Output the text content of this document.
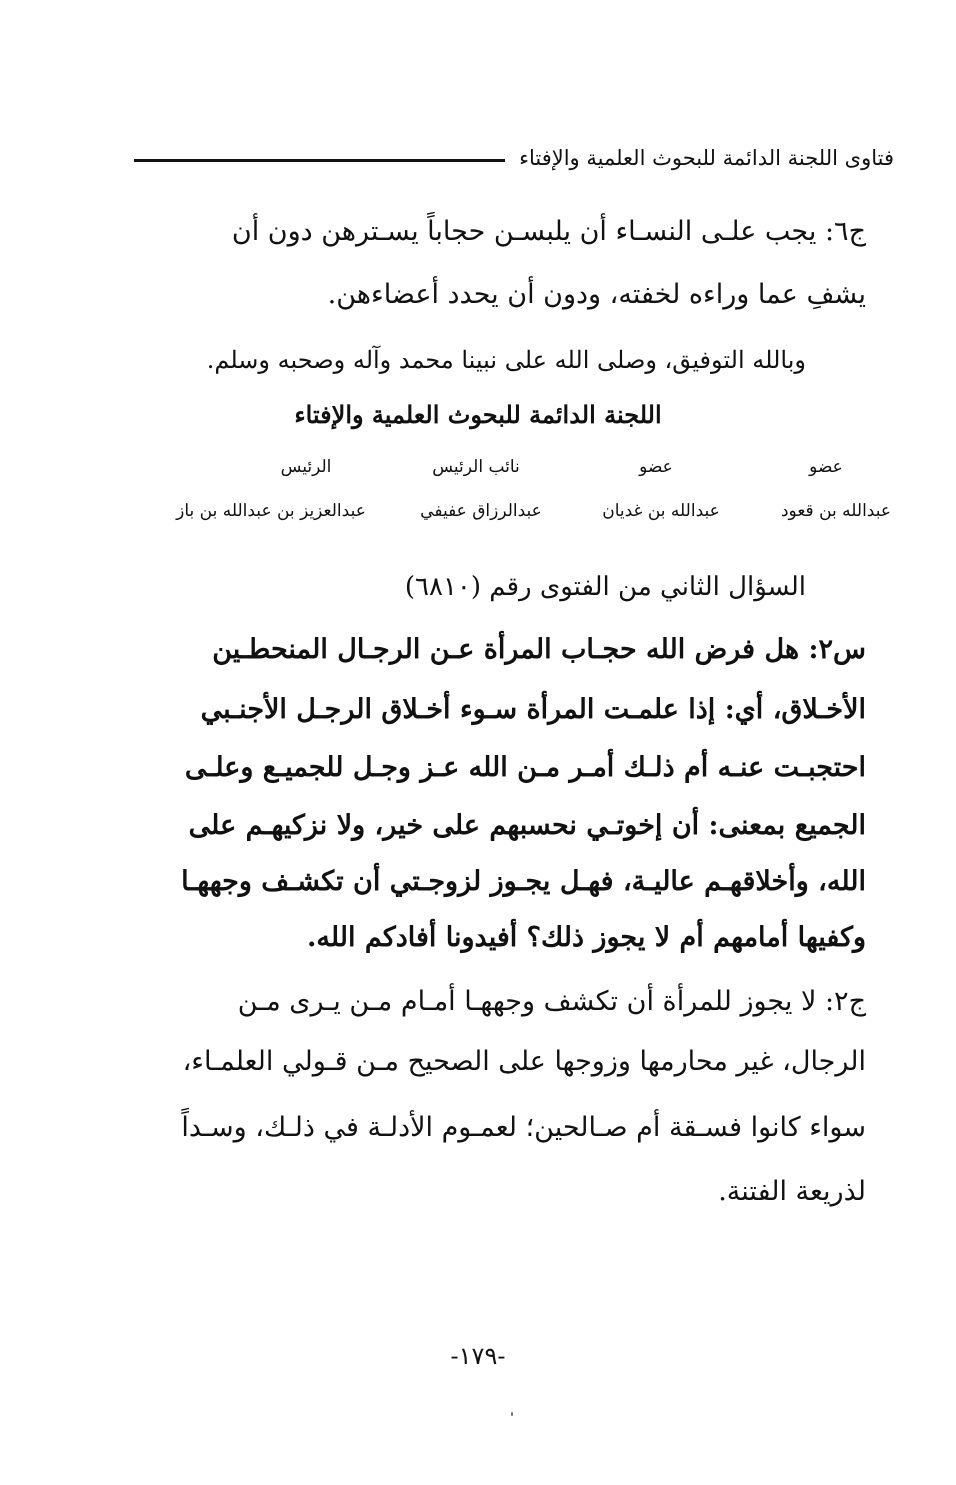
فتاوى اللجنة الدائمة للبحوث العلمية والإفتاء
ج٦: يجب علـى النسـاء أن يلبسـن حجاباً يسـترهن دون أن
يشفِ عما وراءه لخفته، ودون أن يحدد أعضاءهن.
وبالله التوفيق، وصلى الله على نبينا محمد وآله وصحبه وسلم.
اللجنة الدائمة للبحوث العلمية والإفتاء
عضو
عضو
نائب الرئيس
الرئيس
عبدالله بن قعود
عبدالله بن غديان
عبدالرزاق عفيفي
عبدالعزيز بن عبدالله بن باز
السؤال الثاني من الفتوى رقم (٦٨١٠)
س٢: هل فرض الله حجـاب المرأة عـن الرجـال المنحطـين
الأخـلاق، أي: إذا علمـت المرأة سـوء أخـلاق الرجـل الأجنـبي
احتجبـت عنـه أم ذلـك أمـر مـن الله عـز وجـل للجميـع وعلـى
الجميع بمعنى: أن إخوتـي نحسبهم على خير، ولا نزكيهـم على
الله، وأخلاقهـم عاليـة، فهـل يجـوز لزوجـتي أن تكشـف وجههـا
وكفيها أمامهم أم لا يجوز ذلك؟ أفيدونا أفادكم الله.
ج٢: لا يجوز للمرأة أن تكشف وجههـا أمـام مـن يـرى مـن
الرجال، غير محارمها وزوجها على الصحيح مـن قـولي العلمـاء،
سواء كانوا فسـقة أم صـالحين؛ لعمـوم الأدلـة في ذلـك، وسـداً
لذريعة الفتنة.
-١٧٩-
